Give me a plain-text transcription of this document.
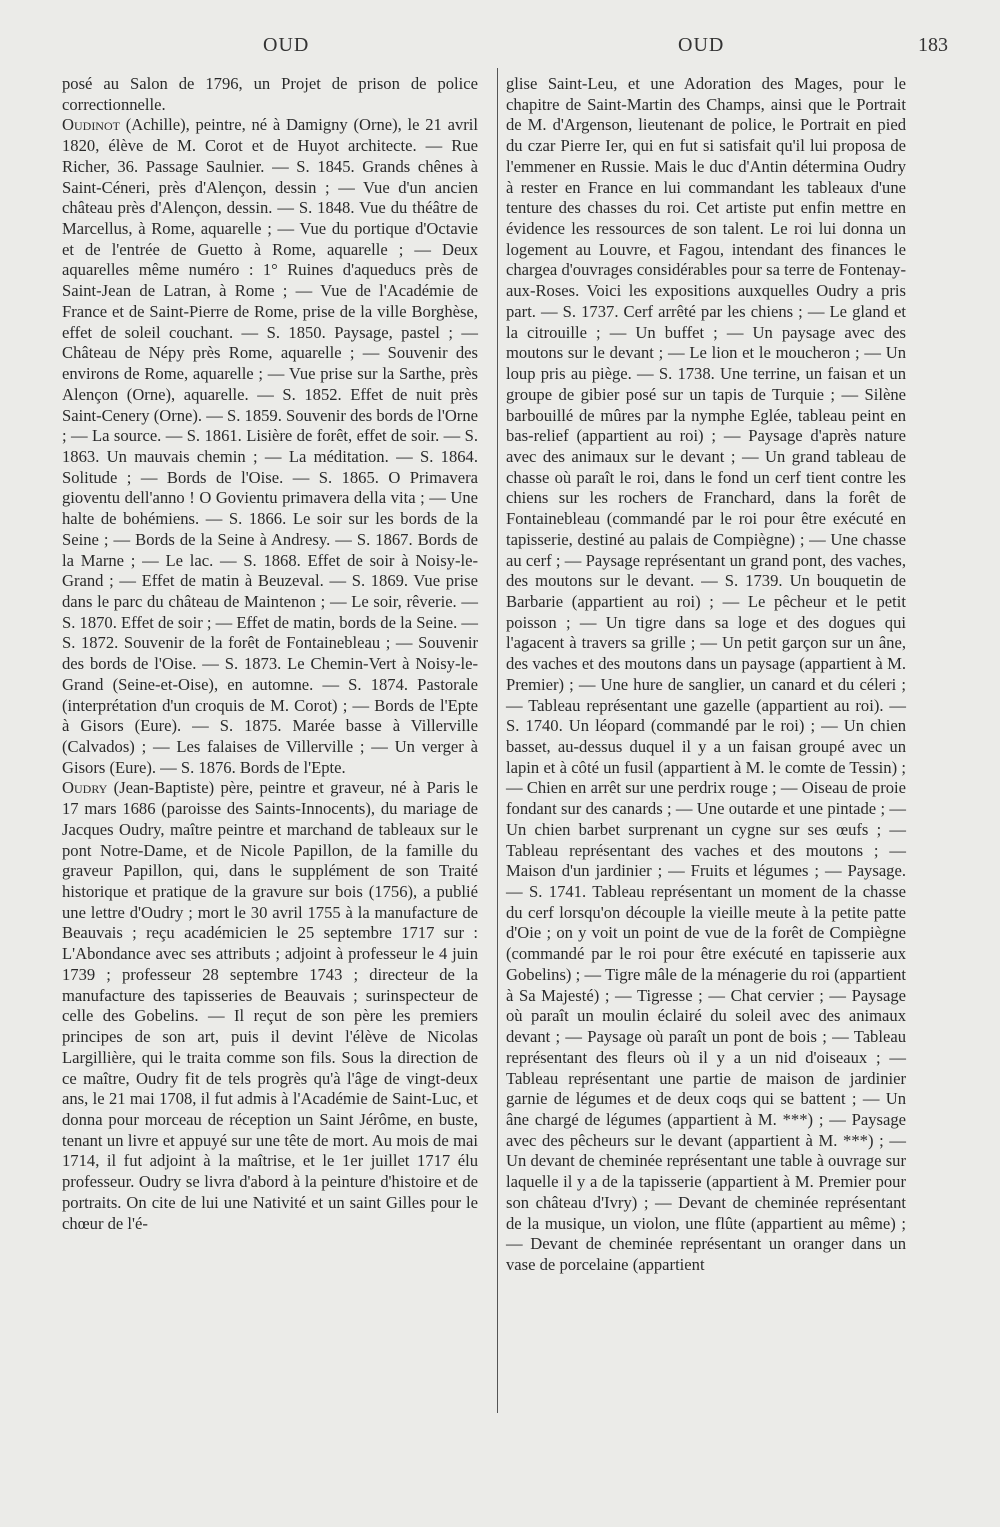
OUD	OUD	183

posé au Salon de 1796, un Projet de prison de police correctionnelle.

Oudinot (Achille), peintre, né à Damigny (Orne), le 21 avril 1820, élève de M. Corot et de Huyot architecte. — Rue Richer, 36. Passage Saulnier. — S. 1845. Grands chênes à Saint-Céneri, près d'Alençon, dessin ; — Vue d'un ancien château près d'Alençon, dessin. — S. 1848. Vue du théâtre de Marcellus, à Rome, aquarelle ; — Vue du portique d'Octavie et de l'entrée de Guetto à Rome, aquarelle ; — Deux aquarelles même numéro : 1° Ruines d'aqueducs près de Saint-Jean de Latran, à Rome ; — Vue de l'Académie de France et de Saint-Pierre de Rome, prise de la ville Borghèse, effet de soleil couchant. — S. 1850. Paysage, pastel ; — Château de Népy près Rome, aquarelle ; — Souvenir des environs de Rome, aquarelle ; — Vue prise sur la Sarthe, près Alençon (Orne), aquarelle. — S. 1852. Effet de nuit près Saint-Cenery (Orne). — S. 1859. Souvenir des bords de l'Orne ; — La source. — S. 1861. Lisière de forêt, effet de soir. — S. 1863. Un mauvais chemin ; — La méditation. — S. 1864. Solitude ; — Bords de l'Oise. — S. 1865. O Primavera gioventu dell'anno ! O Govientu primavera della vita ; — Une halte de bohémiens. — S. 1866. Le soir sur les bords de la Seine ; — Bords de la Seine à Andresy. — S. 1867. Bords de la Marne ; — Le lac. — S. 1868. Effet de soir à Noisy-le-Grand ; — Effet de matin à Beuzeval. — S. 1869. Vue prise dans le parc du château de Maintenon ; — Le soir, rêverie. — S. 1870. Effet de soir ; — Effet de matin, bords de la Seine. — S. 1872. Souvenir de la forêt de Fontainebleau ; — Souvenir des bords de l'Oise. — S. 1873. Le Chemin-Vert à Noisy-le-Grand (Seine-et-Oise), en automne. — S. 1874. Pastorale (interprétation d'un croquis de M. Corot) ; — Bords de l'Epte à Gisors (Eure). — S. 1875. Marée basse à Villerville (Calvados) ; — Les falaises de Villerville ; — Un verger à Gisors (Eure). — S. 1876. Bords de l'Epte.

Oudry (Jean-Baptiste) père, peintre et graveur, né à Paris le 17 mars 1686 (paroisse des Saints-Innocents), du mariage de Jacques Oudry, maître peintre et marchand de tableaux sur le pont Notre-Dame, et de Nicole Papillon, de la famille du graveur Papillon, qui, dans le supplément de son Traité historique et pratique de la gravure sur bois (1756), a publié une lettre d'Oudry ; mort le 30 avril 1755 à la manufacture de Beauvais ; reçu académicien le 25 septembre 1717 sur : L'Abondance avec ses attributs ; adjoint à professeur le 4 juin 1739 ; professeur 28 septembre 1743 ; directeur de la manufacture des tapisseries de Beauvais ; surinspecteur de celle des Gobelins. — Il reçut de son père les premiers principes de son art, puis il devint l'élève de Nicolas Largillière, qui le traita comme son fils. Sous la direction de ce maître, Oudry fit de tels progrès qu'à l'âge de vingt-deux ans, le 21 mai 1708, il fut admis à l'Académie de Saint-Luc, et donna pour morceau de réception un Saint Jérôme, en buste, tenant un livre et appuyé sur une tête de mort. Au mois de mai 1714, il fut adjoint à la maîtrise, et le 1er juillet 1717 élu professeur. Oudry se livra d'abord à la peinture d'histoire et de portraits. On cite de lui une Nativité et un saint Gilles pour le chœur de l'é-

glise Saint-Leu, et une Adoration des Mages, pour le chapitre de Saint-Martin des Champs, ainsi que le Portrait de M. d'Argenson, lieutenant de police, le Portrait en pied du czar Pierre Ier, qui en fut si satisfait qu'il lui proposa de l'emmener en Russie. Mais le duc d'Antin détermina Oudry à rester en France en lui commandant les tableaux d'une tenture des chasses du roi. Cet artiste put enfin mettre en évidence les ressources de son talent. Le roi lui donna un logement au Louvre, et Fagou, intendant des finances le chargea d'ouvrages considérables pour sa terre de Fontenay-aux-Roses. Voici les expositions auxquelles Oudry a pris part. — S. 1737. Cerf arrêté par les chiens ; — Le gland et la citrouille ; — Un buffet ; — Un paysage avec des moutons sur le devant ; — Le lion et le moucheron ; — Un loup pris au piège. — S. 1738. Une terrine, un faisan et un groupe de gibier posé sur un tapis de Turquie ; — Silène barbouillé de mûres par la nymphe Eglée, tableau peint en bas-relief (appartient au roi) ; — Paysage d'après nature avec des animaux sur le devant ; — Un grand tableau de chasse où paraît le roi, dans le fond un cerf tient contre les chiens sur les rochers de Franchard, dans la forêt de Fontainebleau (commandé par le roi pour être exécuté en tapisserie, destiné au palais de Compiègne) ; — Une chasse au cerf ; — Paysage représentant un grand pont, des vaches, des moutons sur le devant. — S. 1739. Un bouquetin de Barbarie (appartient au roi) ; — Le pêcheur et le petit poisson ; — Un tigre dans sa loge et des dogues qui l'agacent à travers sa grille ; — Un petit garçon sur un âne, des vaches et des moutons dans un paysage (appartient à M. Premier) ; — Une hure de sanglier, un canard et du céleri ; — Tableau représentant une gazelle (appartient au roi). — S. 1740. Un léopard (commandé par le roi) ; — Un chien basset, au-dessus duquel il y a un faisan groupé avec un lapin et à côté un fusil (appartient à M. le comte de Tessin) ; — Chien en arrêt sur une perdrix rouge ; — Oiseau de proie fondant sur des canards ; — Une outarde et une pintade ; — Un chien barbet surprenant un cygne sur ses œufs ; — Tableau représentant des vaches et des moutons ; — Maison d'un jardinier ; — Fruits et légumes ; — Paysage. — S. 1741. Tableau représentant un moment de la chasse du cerf lorsqu'on découple la vieille meute à la petite patte d'Oie ; on y voit un point de vue de la forêt de Compiègne (commandé par le roi pour être exécuté en tapisserie aux Gobelins) ; — Tigre mâle de la ménagerie du roi (appartient à Sa Majesté) ; — Tigresse ; — Chat cervier ; — Paysage où paraît un moulin éclairé du soleil avec des animaux devant ; — Paysage où paraît un pont de bois ; — Tableau représentant des fleurs où il y a un nid d'oiseaux ; — Tableau représentant une partie de maison de jardinier garnie de légumes et de deux coqs qui se battent ; — Un âne chargé de légumes (appartient à M. ***) ; — Paysage avec des pêcheurs sur le devant (appartient à M. ***) ; — Un devant de cheminée représentant une table à ouvrage sur laquelle il y a de la tapisserie (appartient à M. Premier pour son château d'Ivry) ; — Devant de cheminée représentant de la musique, un violon, une flûte (appartient au même) ; — Devant de cheminée représentant un oranger dans un vase de porcelaine (appartient
